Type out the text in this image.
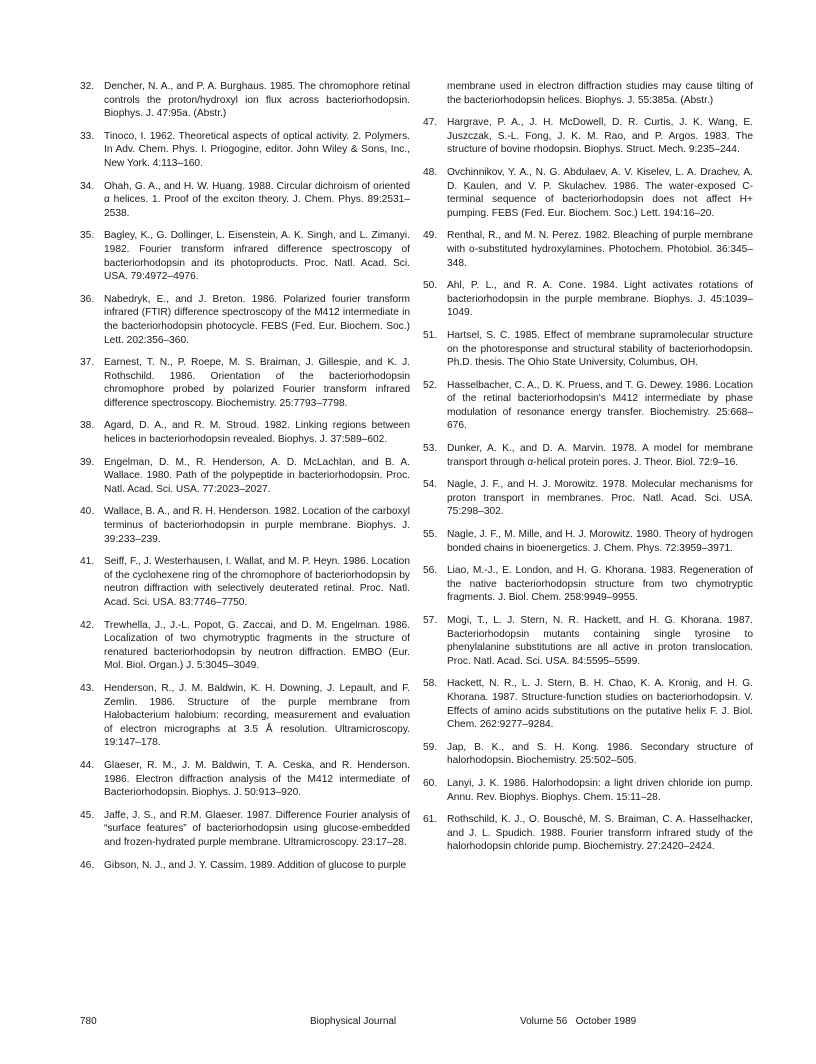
32. Dencher, N. A., and P. A. Burghaus. 1985. The chromophore retinal controls the proton/hydroxyl ion flux across bacteriorhodopsin. Biophys. J. 47:95a. (Abstr.)
33. Tinoco, I. 1962. Theoretical aspects of optical activity. 2. Polymers. In Adv. Chem. Phys. I. Priogogine, editor. John Wiley & Sons, Inc., New York. 4:113–160.
34. Ohah, G. A., and H. W. Huang. 1988. Circular dichroism of oriented α helices. 1. Proof of the exciton theory. J. Chem. Phys. 89:2531–2538.
35. Bagley, K., G. Dollinger, L. Eisenstein, A. K. Singh, and L. Zimanyi. 1982. Fourier transform infrared difference spectroscopy of bacteriorhodopsin and its photoproducts. Proc. Natl. Acad. Sci. USA. 79:4972–4976.
36. Nabedryk, E., and J. Breton. 1986. Polarized fourier transform infrared (FTIR) difference spectroscopy of the M412 intermediate in the bacteriorhodopsin photocycle. FEBS (Fed. Eur. Biochem. Soc.) Lett. 202:356–360.
37. Earnest, T. N., P. Roepe, M. S. Braiman, J. Gillespie, and K. J. Rothschild. 1986. Orientation of the bacteriorhodopsin chromophore probed by polarized Fourier transform infrared difference spectroscopy. Biochemistry. 25:7793–7798.
38. Agard, D. A., and R. M. Stroud. 1982. Linking regions between helices in bacteriorhodopsin revealed. Biophys. J. 37:589–602.
39. Engelman, D. M., R. Henderson, A. D. McLachlan, and B. A. Wallace. 1980. Path of the polypeptide in bacteriorhodopsin. Proc. Natl. Acad. Sci. USA. 77:2023–2027.
40. Wallace, B. A., and R. H. Henderson. 1982. Location of the carboxyl terminus of bacteriorhodopsin in purple membrane. Biophys. J. 39:233–239.
41. Seiff, F., J. Westerhausen, I. Wallat, and M. P. Heyn. 1986. Location of the cyclohexene ring of the chromophore of bacteriorhodopsin by neutron diffraction with selectively deuterated retinal. Proc. Natl. Acad. Sci. USA. 83:7746–7750.
42. Trewhella, J., J.-L. Popot, G. Zaccai, and D. M. Engelman. 1986. Localization of two chymotryptic fragments in the structure of renatured bacteriorhodopsin by neutron diffraction. EMBO (Eur. Mol. Biol. Organ.) J. 5:3045–3049.
43. Henderson, R., J. M. Baldwin, K. H. Downing, J. Lepault, and F. Zemlin. 1986. Structure of the purple membrane from Halobacterium halobium: recording, measurement and evaluation of electron micrographs at 3.5 Å resolution. Ultramicroscopy. 19:147–178.
44. Glaeser, R. M., J. M. Baldwin, T. A. Ceska, and R. Henderson. 1986. Electron diffraction analysis of the M412 intermediate of Bacteriorhodopsin. Biophys. J. 50:913–920.
45. Jaffe, J. S., and R.M. Glaeser. 1987. Difference Fourier analysis of “surface features” of bacteriorhodopsin using glucose-embedded and frozen-hydrated purple membrane. Ultramicroscopy. 23:17–28.
46. Gibson, N. J., and J. Y. Cassim. 1989. Addition of glucose to purple
membrane used in electron diffraction studies may cause tilting of the bacteriorhodopsin helices. Biophys. J. 55:385a. (Abstr.)
47. Hargrave, P. A., J. H. McDowell, D. R. Curtis, J. K. Wang, E. Juszczak, S.-L. Fong, J. K. M. Rao, and P. Argos. 1983. The structure of bovine rhodopsin. Biophys. Struct. Mech. 9:235–244.
48. Ovchinnikov, Y. A., N. G. Abdulaev, A. V. Kiselev, L. A. Drachev, A. D. Kaulen, and V. P. Skulachev. 1986. The water-exposed C-terminal sequence of bacteriorhodopsin does not affect H+ pumping. FEBS (Fed. Eur. Biochem. Soc.) Lett. 194:16–20.
49. Renthal, R., and M. N. Perez. 1982. Bleaching of purple membrane with o-substituted hydroxylamines. Photochem. Photobiol. 36:345–348.
50. Ahl, P. L., and R. A. Cone. 1984. Light activates rotations of bacteriorhodopsin in the purple membrane. Biophys. J. 45:1039–1049.
51. Hartsel, S. C. 1985. Effect of membrane supramolecular structure on the photoresponse and structural stability of bacteriorhodopsin. Ph.D. thesis. The Ohio State University, Columbus, OH.
52. Hasselbacher, C. A., D. K. Pruess, and T. G. Dewey. 1986. Location of the retinal bacteriorhodopsin's M412 intermediate by phase modulation of resonance energy transfer. Biochemistry. 25:668–676.
53. Dunker, A. K., and D. A. Marvin. 1978. A model for membrane transport through α-helical protein pores. J. Theor. Biol. 72:9–16.
54. Nagle, J. F., and H. J. Morowitz. 1978. Molecular mechanisms for proton transport in membranes. Proc. Natl. Acad. Sci. USA. 75:298–302.
55. Nagle, J. F., M. Mille, and H. J. Morowitz. 1980. Theory of hydrogen bonded chains in bioenergetics. J. Chem. Phys. 72:3959–3971.
56. Liao, M.-J., E. London, and H. G. Khorana. 1983. Regeneration of the native bacteriorhodopsin structure from two chymotryptic fragments. J. Biol. Chem. 258:9949–9955.
57. Mogi, T., L. J. Stern, N. R. Hackett, and H. G. Khorana. 1987. Bacteriorhodopsin mutants containing single tyrosine to phenylalanine substitutions are all active in proton translocation. Proc. Natl. Acad. Sci. USA. 84:5595–5599.
58. Hackett, N. R., L. J. Stern, B. H. Chao, K. A. Kronig, and H. G. Khorana. 1987. Structure-function studies on bacteriorhodopsin. V. Effects of amino acids substitutions on the putative helix F. J. Biol. Chem. 262:9277–9284.
59. Jap, B. K., and S. H. Kong. 1986. Secondary structure of halorhodopsin. Biochemistry. 25:502–505.
60. Lanyi, J. K. 1986. Halorhodopsin: a light driven chloride ion pump. Annu. Rev. Biophys. Biophys. Chem. 15:11–28.
61. Rothschild, K. J., O. Bousché, M. S. Braiman, C. A. Hasselhacker, and J. L. Spudich. 1988. Fourier transform infrared study of the halorhodopsin chloride pump. Biochemistry. 27:2420–2424.
780	Biophysical Journal	Volume 56   October 1989
